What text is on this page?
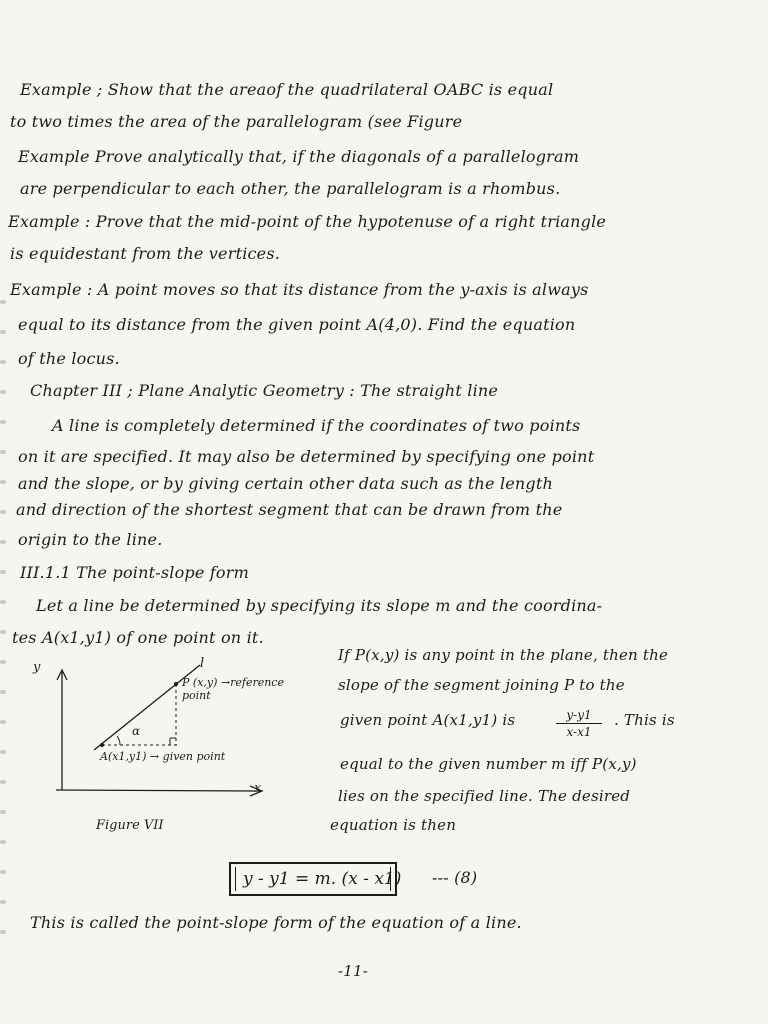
Example ; Show that the areaof the quadrilateral OABC is equal
to two times the area of the parallelogram (see Figure
Example Prove analytically that, if the diagonals of a parallelogram
are perpendicular to each other, the parallelogram is a rhombus.
Example : Prove that the mid-point of the hypotenuse of a right triangle
is equidestant from the vertices.
Example : A point moves so that its distance from the y-axis is always
equal to its distance from the given point A(4,0). Find the equation
of the locus.
Chapter III ; Plane Analytic Geometry : The straight line
A line is completely determined if the coordinates of two points
on it are specified. It may also be determined by specifying one point
and the slope, or by giving certain other data such as the length
and direction of the shortest segment that can be drawn from the
origin to the line.
III.1.1 The point-slope form
Let a line be determined by specifying its slope m and the coordina-
tes A(x1,y1) of one point on it.
If P(x,y) is any point in the plane, then the
slope of the segment joining P to the
given point A(x1,y1) is	$\frac{y-y1}{x-x1}$ . This is
equal to the given number m iff P(x,y)
lies on the specified line. The desired
equation is then
y
x
l
P (x,y) →reference point
α
A(x1,y1) → given point
Figure VII
y - y1 = m. (x - x1) --- (8)
This is called the point-slope form of the equation of a line.
-11-
